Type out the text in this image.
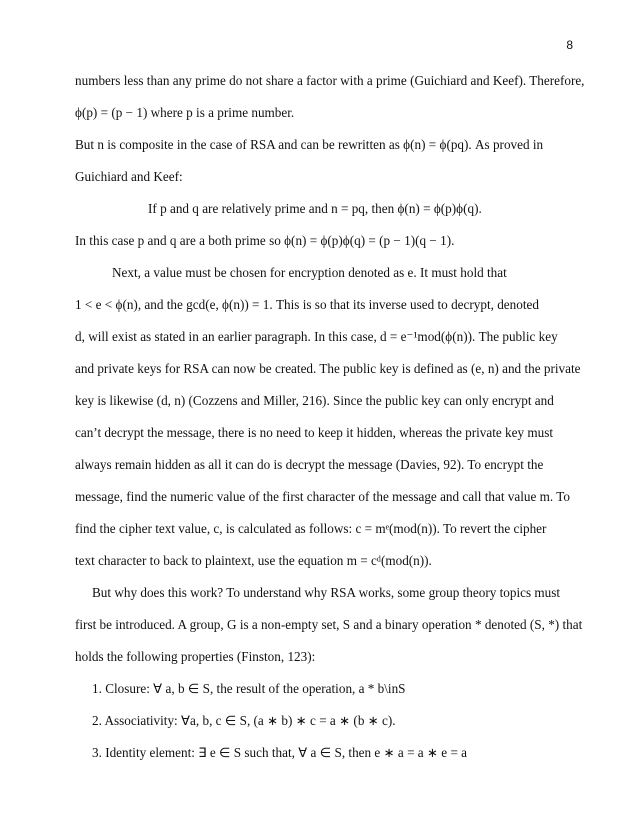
8
numbers less than any prime do not share a factor with a prime (Guichiard and Keef). Therefore,
ϕ(p) = (p − 1) where p is a prime number.
But n is composite in the case of RSA and can be rewritten as ϕ(n) = ϕ(pq). As proved in
Guichiard and Keef:
If p and q are relatively prime and n = pq, then ϕ(n) = ϕ(p)ϕ(q).
In this case p and q are a both prime so ϕ(n) = ϕ(p)ϕ(q) = (p − 1)(q − 1).
Next, a value must be chosen for encryption denoted as e. It must hold that
1 < e < ϕ(n), and the gcd(e, ϕ(n)) = 1. This is so that its inverse used to decrypt, denoted
d, will exist as stated in an earlier paragraph. In this case, d = e⁻¹mod(ϕ(n)). The public key
and private keys for RSA can now be created. The public key is defined as (e, n) and the private
key is likewise (d, n) (Cozzens and Miller, 216). Since the public key can only encrypt and
can’t decrypt the message, there is no need to keep it hidden, whereas the private key must
always remain hidden as all it can do is decrypt the message (Davies, 92). To encrypt the
message, find the numeric value of the first character of the message and call that value m. To
find the cipher text value, c, is calculated as follows: c = mᵉ(mod(n)). To revert the cipher
text character to back to plaintext, use the equation m = cᵈ(mod(n)).
But why does this work? To understand why RSA works, some group theory topics must
first be introduced. A group, G is a non-empty set, S and a binary operation * denoted (S, *) that
holds the following properties (Finston, 123):
1. Closure: ∀ a, b ∈ S, the result of the operation, a * b\inS
2. Associativity: ∀a, b, c ∈ S, (a ∗ b) ∗ c = a ∗ (b ∗ c).
3. Identity element: ∃ e ∈ S such that, ∀ a ∈ S, then e ∗ a = a ∗ e = a
